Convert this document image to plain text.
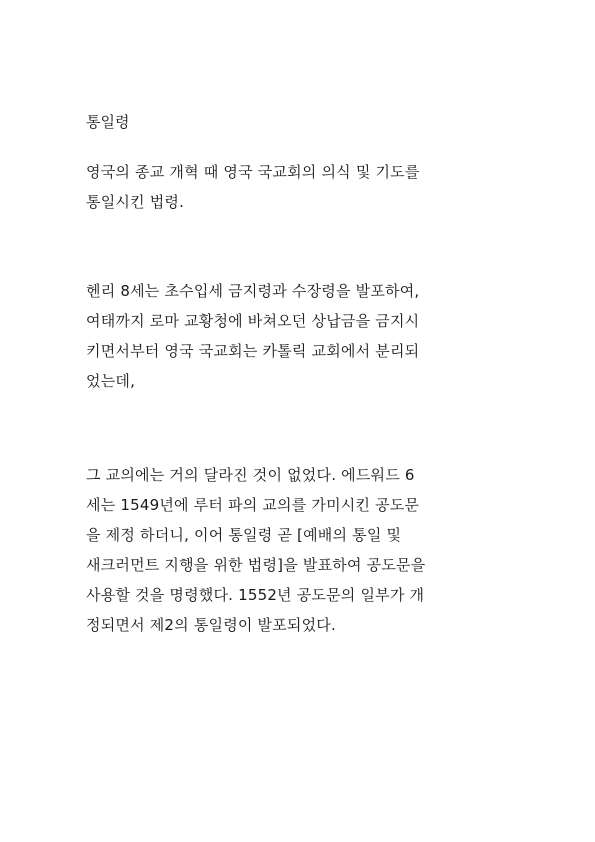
통일령
영국의 종교 개혁 때 영국 국교회의 의식 및 기도를
통일시킨 법령.
헨리 8세는 초수입세 금지령과 수장령을 발포하여,
여태까지 로마 교황청에 바쳐오던 상납금을 금지시
키면서부터 영국 국교회는 카톨릭 교회에서 분리되
었는데,
그 교의에는 거의 달라진 것이 없었다. 에드워드 6
세는 1549년에 루터 파의 교의를 가미시킨 공도문
을 제정 하더니, 이어 통일령 곧 [예배의 통일 및
새크러먼트 지행을 위한 법령]을 발표하여 공도문을
사용할 것을 명령했다. 1552년 공도문의 일부가 개
정되면서 제2의 통일령이 발포되었다.
